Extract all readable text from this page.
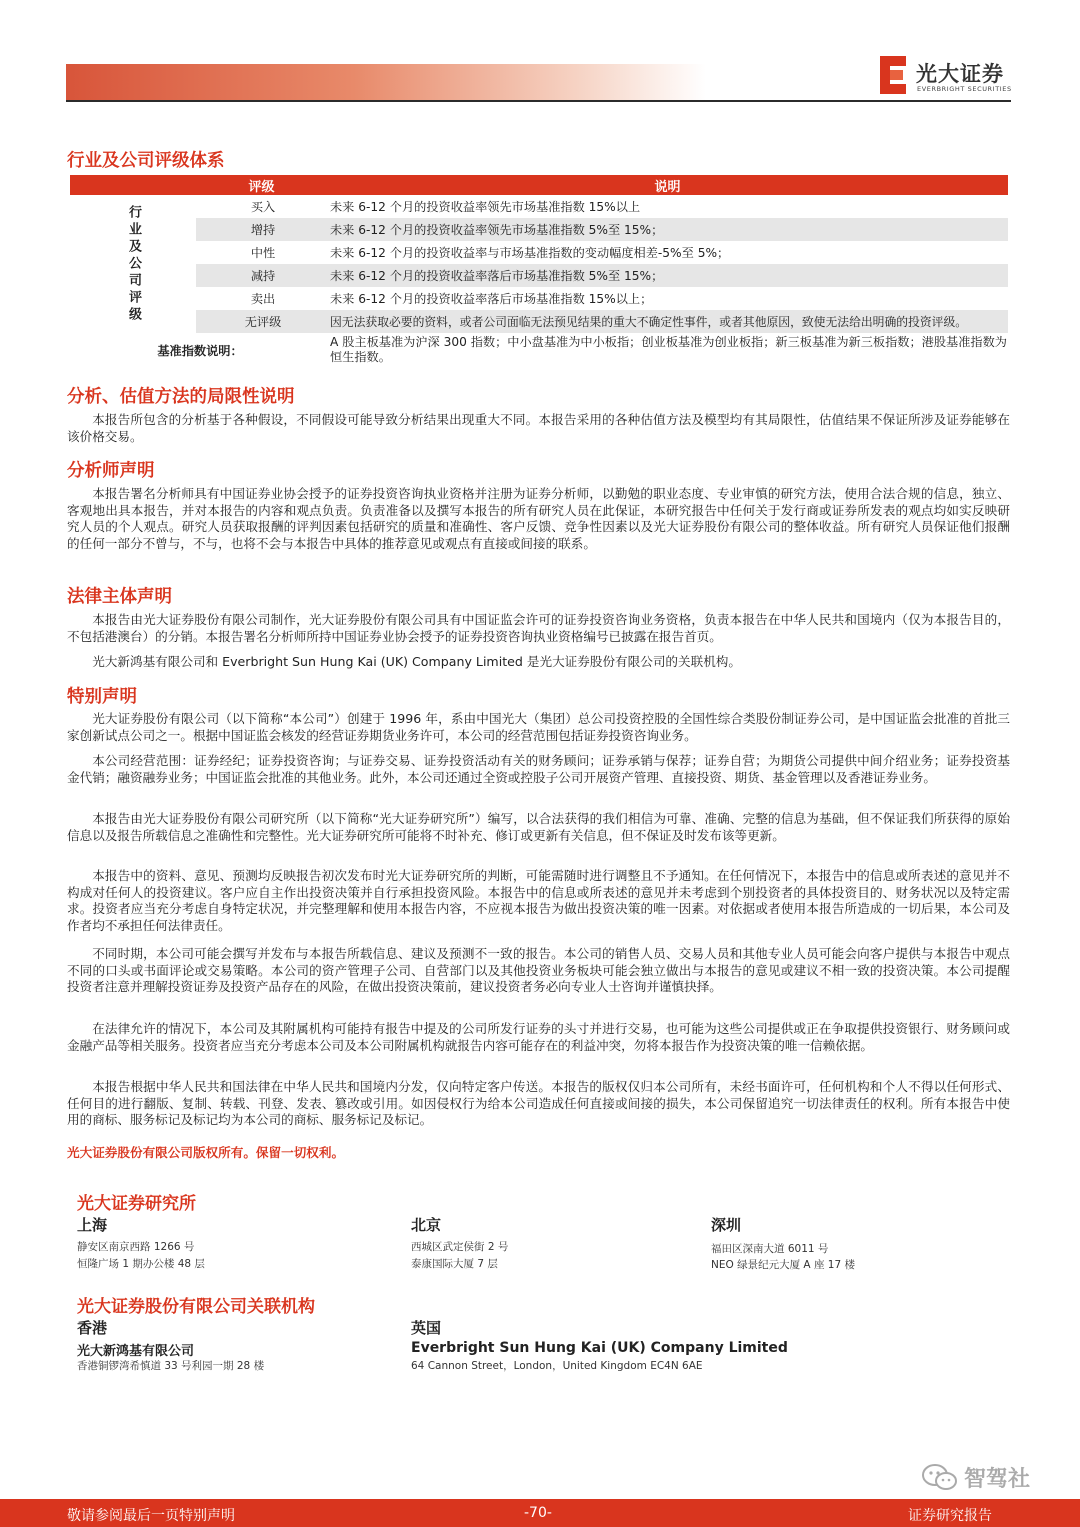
光大证券
EVERBRIGHT SECURITIES
行业及公司评级体系
	评级	说明
行业及公司评级	买入	未来 6-12 个月的投资收益率领先市场基准指数 15%以上
	增持	未来 6-12 个月的投资收益率领先市场基准指数 5%至 15%；
	中性	未来 6-12 个月的投资收益率与市场基准指数的变动幅度相差-5%至 5%；
	减持	未来 6-12 个月的投资收益率落后市场基准指数 5%至 15%；
	卖出	未来 6-12 个月的投资收益率落后市场基准指数 15%以上；
	无评级	因无法获取必要的资料，或者公司面临无法预见结果的重大不确定性事件，或者其他原因，致使无法给出明确的投资评级。
基准指数说明：		A 股主板基准为沪深 300 指数；中小盘基准为中小板指；创业板基准为创业板指；新三板基准为新三板指数；港股基准指数为恒生指数。
分析、估值方法的局限性说明

本报告所包含的分析基于各种假设，不同假设可能导致分析结果出现重大不同。本报告采用的各种估值方法及模型均有其局限性，估值结果不保证所涉及证券能够在该价格交易。

分析师声明

本报告署名分析师具有中国证券业协会授予的证券投资咨询执业资格并注册为证券分析师，以勤勉的职业态度、专业审慎的研究方法，使用合法合规的信息，独立、客观地出具本报告，并对本报告的内容和观点负责。负责准备以及撰写本报告的所有研究人员在此保证，本研究报告中任何关于发行商或证券所发表的观点均如实反映研究人员的个人观点。研究人员获取报酬的评判因素包括研究的质量和准确性、客户反馈、竞争性因素以及光大证券股份有限公司的整体收益。所有研究人员保证他们报酬的任何一部分不曾与，不与，也将不会与本报告中具体的推荐意见或观点有直接或间接的联系。

法律主体声明

本报告由光大证券股份有限公司制作，光大证券股份有限公司具有中国证监会许可的证券投资咨询业务资格，负责本报告在中华人民共和国境内（仅为本报告目的，不包括港澳台）的分销。本报告署名分析师所持中国证券业协会授予的证券投资咨询执业资格编号已披露在报告首页。

光大新鸿基有限公司和 Everbright Sun Hung Kai (UK) Company Limited 是光大证券股份有限公司的关联机构。

特别声明

光大证券股份有限公司（以下简称“本公司”）创建于 1996 年，系由中国光大（集团）总公司投资控股的全国性综合类股份制证券公司，是中国证监会批准的首批三家创新试点公司之一。根据中国证监会核发的经营证券期货业务许可，本公司的经营范围包括证券投资咨询业务。

本公司经营范围：证券经纪；证券投资咨询；与证券交易、证券投资活动有关的财务顾问；证券承销与保荐；证券自营；为期货公司提供中间介绍业务；证券投资基金代销；融资融券业务；中国证监会批准的其他业务。此外，本公司还通过全资或控股子公司开展资产管理、直接投资、期货、基金管理以及香港证券业务。

本报告由光大证券股份有限公司研究所（以下简称“光大证券研究所”）编写，以合法获得的我们相信为可靠、准确、完整的信息为基础，但不保证我们所获得的原始信息以及报告所载信息之准确性和完整性。光大证券研究所可能将不时补充、修订或更新有关信息，但不保证及时发布该等更新。

本报告中的资料、意见、预测均反映报告初次发布时光大证券研究所的判断，可能需随时进行调整且不予通知。在任何情况下，本报告中的信息或所表述的意见并不构成对任何人的投资建议。客户应自主作出投资决策并自行承担投资风险。本报告中的信息或所表述的意见并未考虑到个别投资者的具体投资目的、财务状况以及特定需求。投资者应当充分考虑自身特定状况，并完整理解和使用本报告内容，不应视本报告为做出投资决策的唯一因素。对依据或者使用本报告所造成的一切后果，本公司及作者均不承担任何法律责任。

不同时期，本公司可能会撰写并发布与本报告所载信息、建议及预测不一致的报告。本公司的销售人员、交易人员和其他专业人员可能会向客户提供与本报告中观点不同的口头或书面评论或交易策略。本公司的资产管理子公司、自营部门以及其他投资业务板块可能会独立做出与本报告的意见或建议不相一致的投资决策。本公司提醒投资者注意并理解投资证券及投资产品存在的风险，在做出投资决策前，建议投资者务必向专业人士咨询并谨慎抉择。

在法律允许的情况下，本公司及其附属机构可能持有报告中提及的公司所发行证券的头寸并进行交易，也可能为这些公司提供或正在争取提供投资银行、财务顾问或金融产品等相关服务。投资者应当充分考虑本公司及本公司附属机构就报告内容可能存在的利益冲突，勿将本报告作为投资决策的唯一信赖依据。

本报告根据中华人民共和国法律在中华人民共和国境内分发，仅向特定客户传送。本报告的版权仅归本公司所有，未经书面许可，任何机构和个人不得以任何形式、任何目的进行翻版、复制、转载、刊登、发表、篡改或引用。如因侵权行为给本公司造成任何直接或间接的损失，本公司保留追究一切法律责任的权利。所有本报告中使用的商标、服务标记及标记均为本公司的商标、服务标记及标记。

光大证券股份有限公司版权所有。保留一切权利。
光大证券研究所
上海
静安区南京西路 1266 号
恒隆广场 1 期办公楼 48 层
北京
西城区武定侯街 2 号
泰康国际大厦 7 层
深圳
福田区深南大道 6011 号
NEO 绿景纪元大厦 A 座 17 楼
光大证券股份有限公司关联机构
香港
光大新鸿基有限公司
香港铜锣湾希慎道 33 号利园一期 28 楼
英国
Everbright Sun Hung Kai (UK) Company Limited
64 Cannon Street，London，United Kingdom EC4N 6AE
智驾社
敬请参阅最后一页特别声明	-70-	证券研究报告
